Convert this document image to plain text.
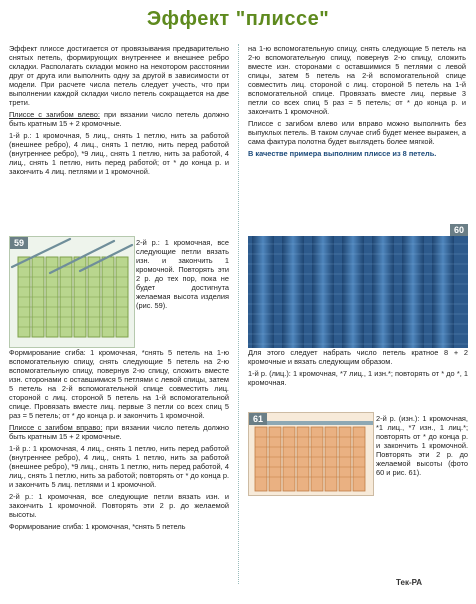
Эффект "плиссе"

Эффект плиссе достигается от провязывания предварительно снятых петель, формирующих внутреннее и внешнее ребро складки. Располагать складки можно на некотором расстоянии друг от друга или выполнить одну за другой в зависимости от модели. При расчете числа петель следует учесть, что при выполнении каждой складки число петель сокращается на две трети.

Плиссе с загибом влево: при вязании число петель должно быть кратным 15 + 2 кромочные.

1-й р.: 1 кромочная, 5 лиц., снять 1 петлю, нить за работой (внешнее ребро), 4 лиц., снять 1 петлю, нить перед работой (внутреннее ребро), *9 лиц., снять 1 петлю, нить за работой, 4 лиц., снять 1 петлю, нить перед работой; от * до конца р. и закончить 4 лиц. петлями и 1 кромочной.

59	2-й р.: 1 кромочная, все следующие петли вязать изн. и закончить 1 кромочной. Повторять эти 2 р. до тех пор, пока не будет достигнута желаемая высота изделия (рис. 59).

Формирование сгиба: 1 кромочная, *снять 5 петель на 1-ю вспомогательную спицу, снять следующие 5 петель на 2-ю вспомогательную спицу, повернув 2-ю спицу, сложить вместе изн. сторонами с оставшимися 5 петлями с левой спицы, затем 5 петель на 2-й вспомогательной спице совместить лиц. стороной с лиц. стороной 5 петель на 1-й вспомогательной спице. Провязать вместе лиц. первые 3 петли со всех спиц 5 раз = 5 петель; от * до конца р. и закончить 1 кромочной.

Плиссе с загибом вправо: при вязании число петель должно быть кратным 15 + 2 кромочные.

1-й р.: 1 кромочная, 4 лиц., снять 1 петлю, нить перед работой (внутреннее ребро), 4 лиц., снять 1 петлю, нить за работой (внешнее ребро), *9 лиц., снять 1 петлю, нить перед работой, 4 лиц., снять 1 петлю, нить за работой; повторять от * до конца р. и закончить 5 лиц. петлями и 1 кромочной.

2-й р.: 1 кромочная, все следующие петли вязать изн. и закончить 1 кромочной. Повторять эти 2 р. до желаемой высоты.

Формирование сгиба: 1 кромочная, *снять 5 петель

на 1-ю вспомогательную спицу, снять следующие 5 петель на 2-ю вспомогательную спицу, повернув 2-ю спицу, сложить вместе изн. сторонами с оставшимися 5 петлями с левой спицы, затем 5 петель на 2-й вспомогательной спице совместить лиц. стороной с лиц. стороной 5 петель на 1-й вспомогательной спице. Провязать вместе лиц. первые 3 петли со всех спиц 5 раз = 5 петель; от * до конца р. и закончить 1 кромочной.

Плиссе с загибом влево или вправо можно выполнить без выпуклых петель. В таком случае сгиб будет менее выражен, а сама фактура полотна будет выглядеть более мягкой.

В качестве примера выполним плиссе из 8 петель.

60

Для этого следует набрать число петель кратное 8 + 2 кромочные и вязать следующим образом.

1-й р. (лиц.): 1 кромочная, *7 лиц., 1 изн.*; повторять от * до *, 1 кромочная.

61	2-й р. (изн.): 1 кромочная, *1 лиц., *7 изн., 1 лиц.*; повторять от * до конца р. и закончить 1 кромочной. Повторять эти 2 р. до желаемой высоты (фото 60 и рис. 61).
Тек-РА
